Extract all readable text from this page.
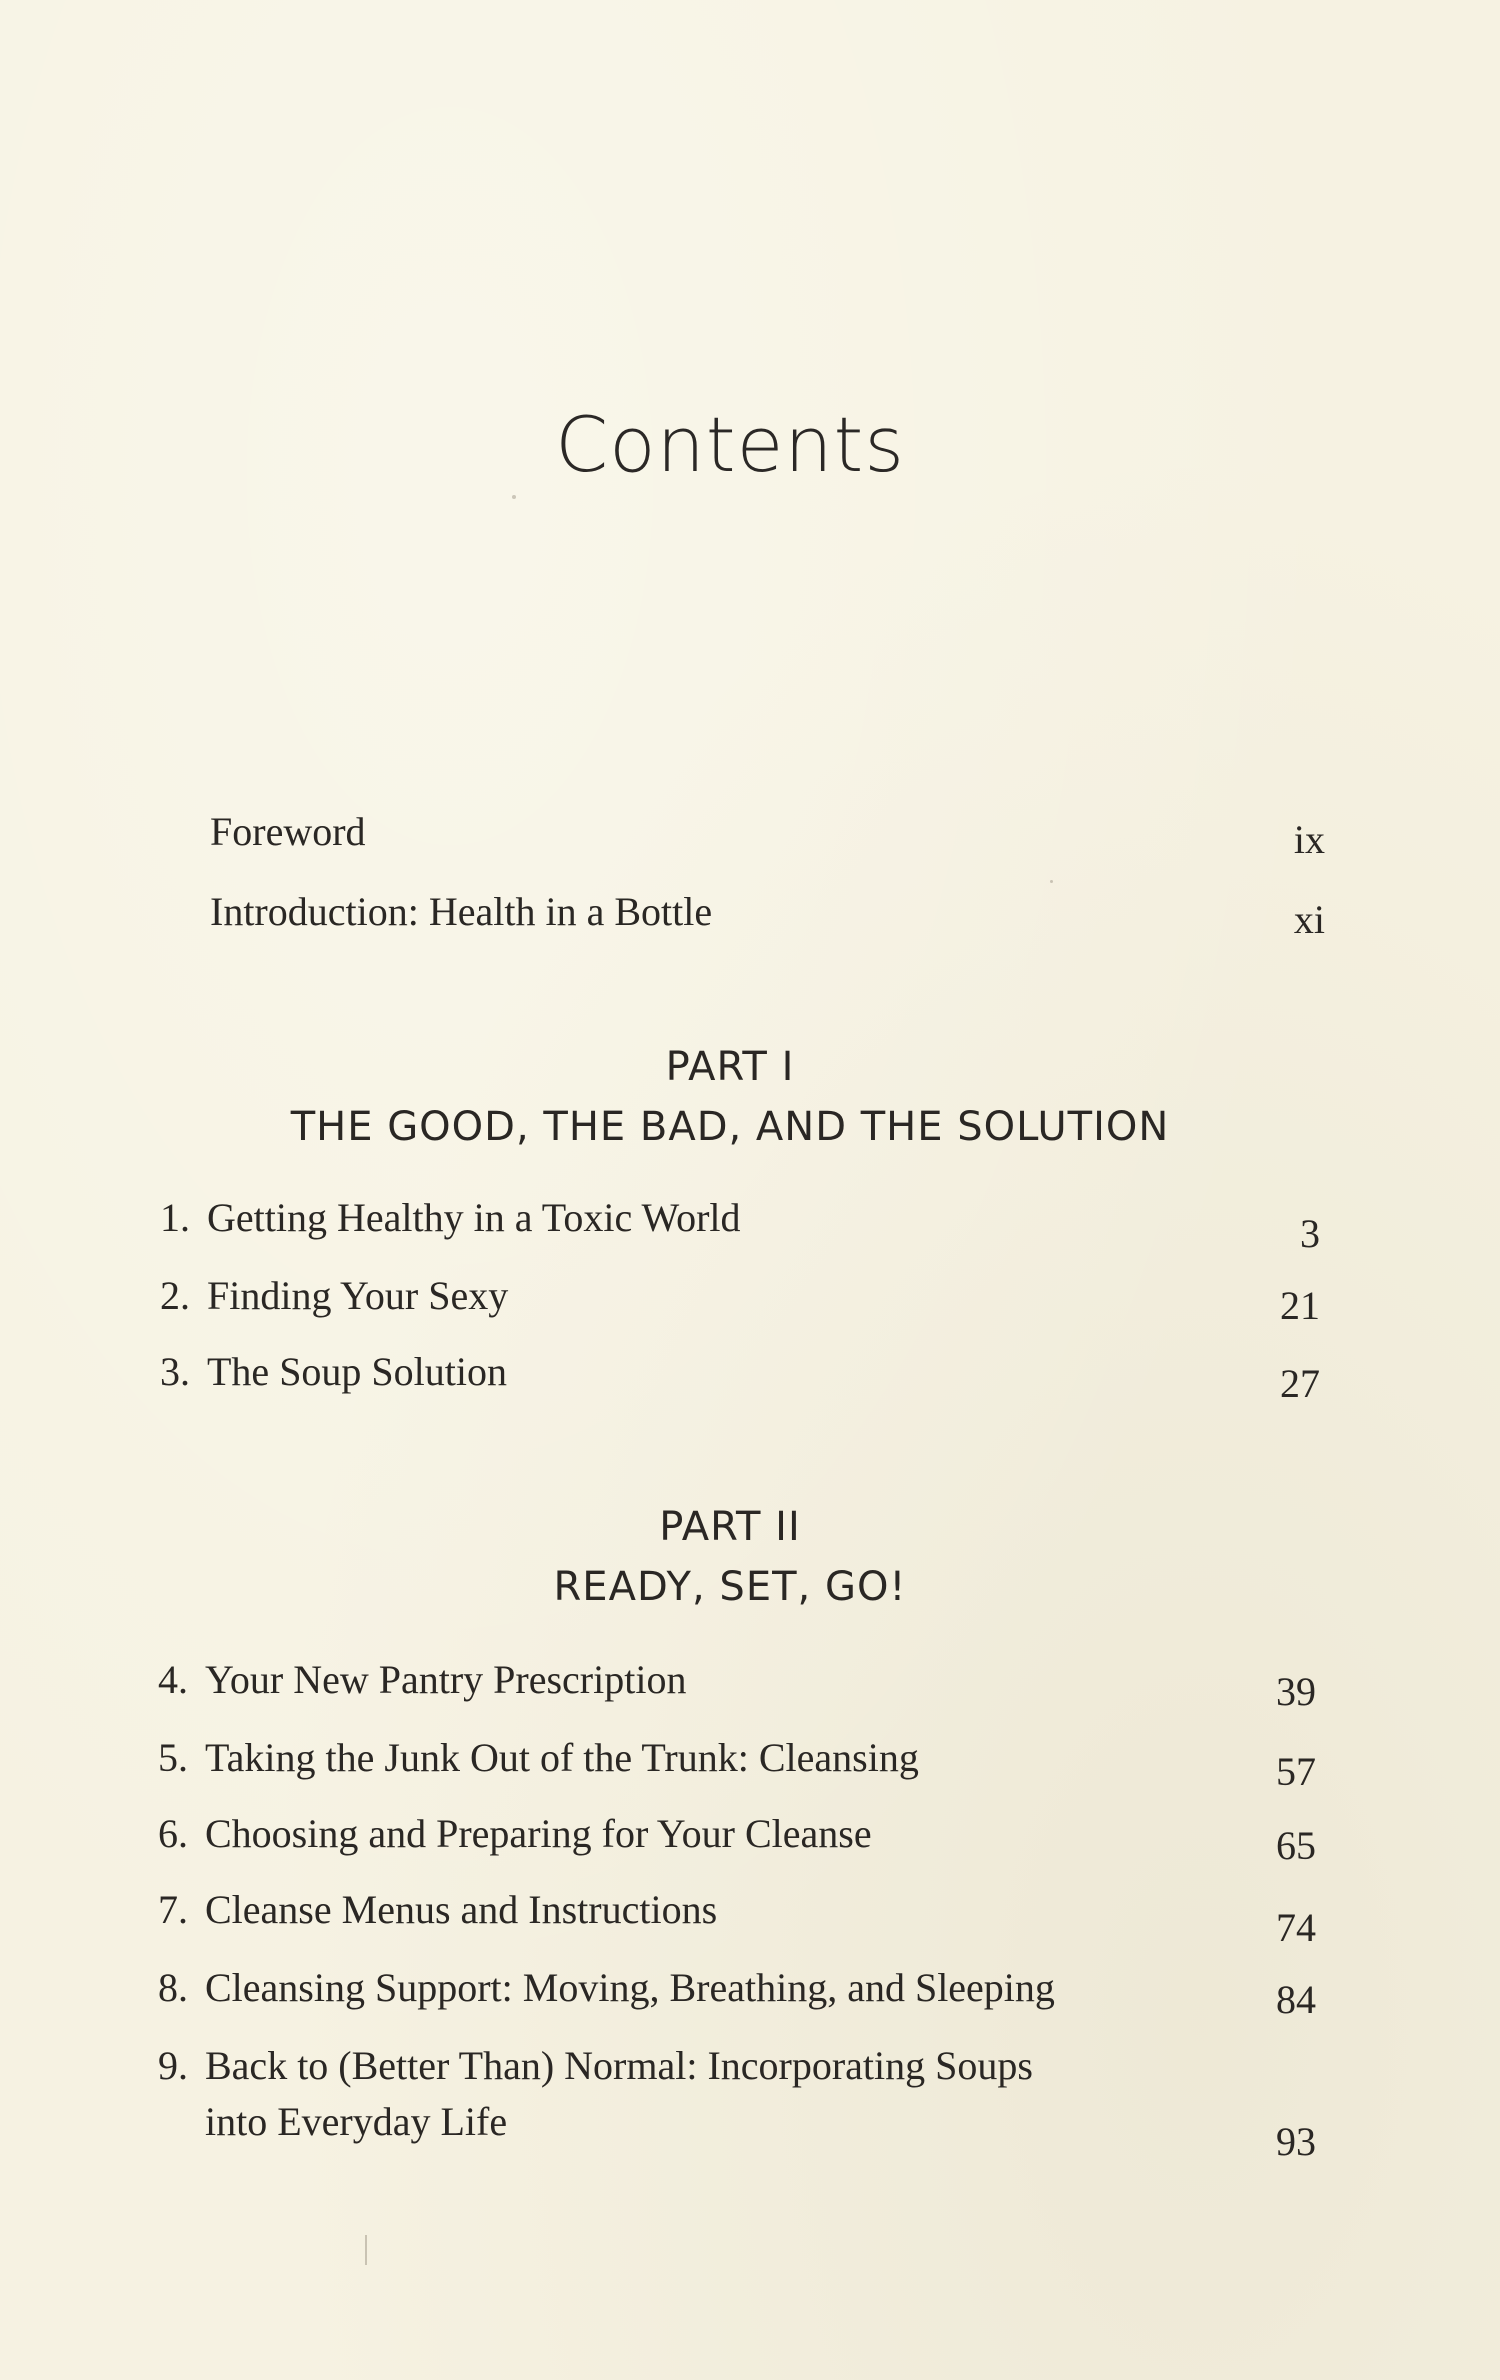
Contents
Foreword	ix
Introduction: Health in a Bottle	xi
PART I
THE GOOD, THE BAD, AND THE SOLUTION
1. Getting Healthy in a Toxic World	3
2. Finding Your Sexy	21
3. The Soup Solution	27
PART II
READY, SET, GO!
4. Your New Pantry Prescription	39
5. Taking the Junk Out of the Trunk: Cleansing	57
6. Choosing and Preparing for Your Cleanse	65
7. Cleanse Menus and Instructions	74
8. Cleansing Support: Moving, Breathing, and Sleeping	84
9. Back to (Better Than) Normal: Incorporating Soups
into Everyday Life	93
